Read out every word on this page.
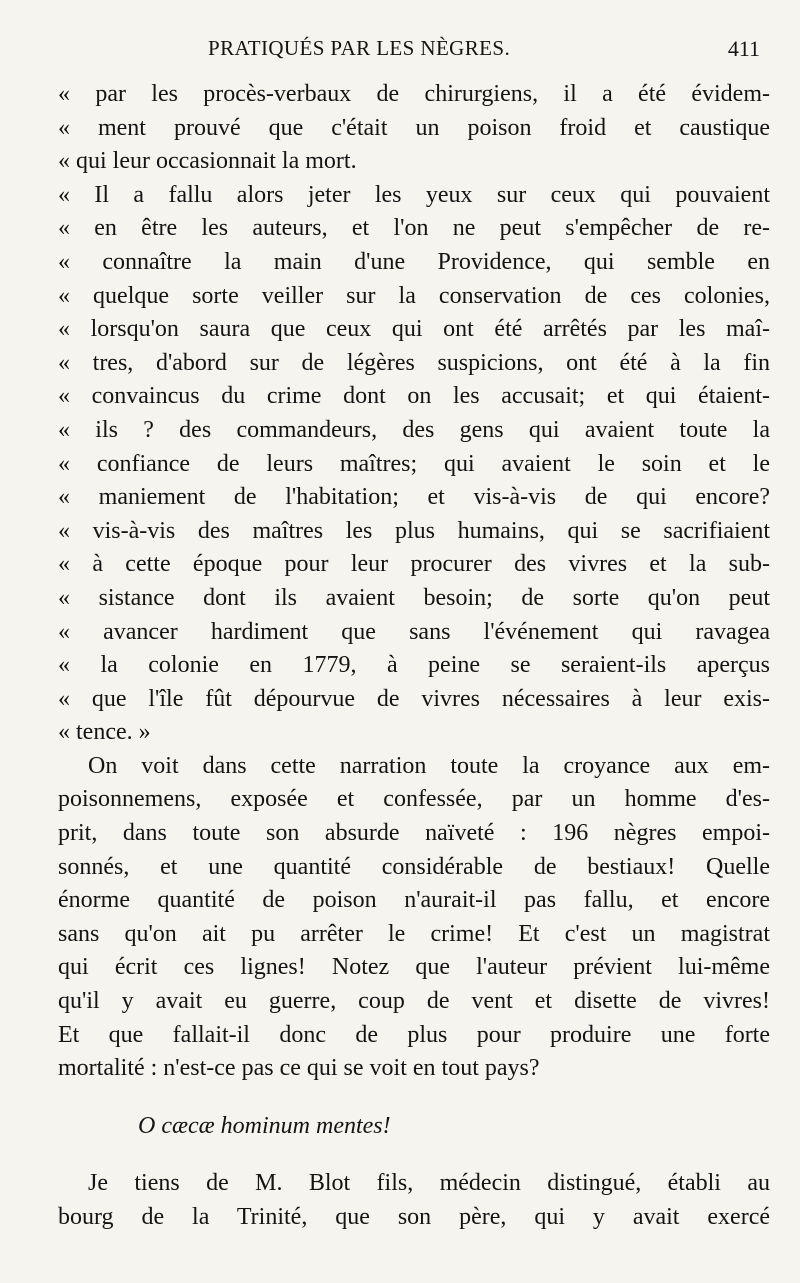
PRATIQUÉS PAR LES NÈGRES.	411
« par les procès-verbaux de chirurgiens, il a été évidem-
« ment prouvé que c'était un poison froid et caustique
« qui leur occasionnait la mort.
« Il a fallu alors jeter les yeux sur ceux qui pouvaient
« en être les auteurs, et l'on ne peut s'empêcher de re-
« connaître la main d'une Providence, qui semble en
« quelque sorte veiller sur la conservation de ces colonies,
« lorsqu'on saura que ceux qui ont été arrêtés par les maî-
« tres, d'abord sur de légères suspicions, ont été à la fin
« convaincus du crime dont on les accusait; et qui étaient-
« ils ? des commandeurs, des gens qui avaient toute la
« confiance de leurs maîtres; qui avaient le soin et le
« maniement de l'habitation; et vis-à-vis de qui encore?
« vis-à-vis des maîtres les plus humains, qui se sacrifiaient
« à cette époque pour leur procurer des vivres et la sub-
« sistance dont ils avaient besoin; de sorte qu'on peut
« avancer hardiment que sans l'événement qui ravagea
« la colonie en 1779, à peine se seraient-ils aperçus
« que l'île fût dépourvue de vivres nécessaires à leur exis-
« tence. »
On voit dans cette narration toute la croyance aux em-
poisonnemens, exposée et confessée, par un homme d'es-
prit, dans toute son absurde naïveté : 196 nègres empoi-
sonnés, et une quantité considérable de bestiaux! Quelle
énorme quantité de poison n'aurait-il pas fallu, et encore
sans qu'on ait pu arrêter le crime! Et c'est un magistrat
qui écrit ces lignes! Notez que l'auteur prévient lui-même
qu'il y avait eu guerre, coup de vent et disette de vivres!
Et que fallait-il donc de plus pour produire une forte
mortalité : n'est-ce pas ce qui se voit en tout pays?
O cæcæ hominum mentes!
Je tiens de M. Blot fils, médecin distingué, établi au
bourg de la Trinité, que son père, qui y avait exercé
